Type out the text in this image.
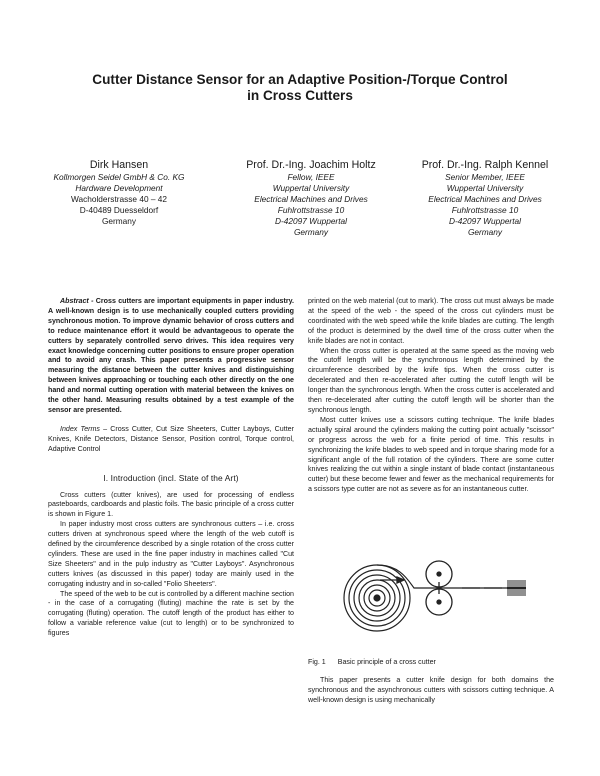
Cutter Distance Sensor for an Adaptive Position-/Torque Control
in Cross Cutters
Dirk Hansen
Kollmorgen Seidel GmbH & Co. KG
Hardware Development
Wacholderstrasse 40 – 42
D-40489 Duesseldorf
Germany
Prof. Dr.-Ing. Joachim Holtz
Fellow, IEEE
Wuppertal University
Electrical Machines and Drives
Fuhlrottstrasse 10
D-42097 Wuppertal
Germany
Prof. Dr.-Ing. Ralph Kennel
Senior Member, IEEE
Wuppertal University
Electrical Machines and Drives
Fuhlrottstrasse 10
D-42097 Wuppertal
Germany

Abstract - Cross cutters are important equipments in paper industry. A well-known design is to use mechanically coupled cutters providing synchronous motion. To improve dynamic behavior of cross cutters and to reduce maintenance effort it would be advantageous to operate the cutters by separately controlled servo drives. This idea requires very exact knowledge concerning cutter positions to ensure proper operation and to avoid any crash. This paper presents a progressive sensor measuring the distance between the cutter knives and distinguishing between knives approaching or touching each other directly on the one hand and normal cutting operation with material between the knives on the other hand. Measuring results obtained by a test example of the sensor are presented.

Index Terms – Cross Cutter, Cut Size Sheeters, Cutter Layboys, Cutter Knives, Knife Detectors, Distance Sensor, Position control, Torque control, Adaptive Control

I. Introduction (incl. State of the Art)

Cross cutters (cutter knives), are used for processing of endless pasteboards, cardboards and plastic foils. The basic principle of a cross cutter is shown in Figure 1.

In paper industry most cross cutters are synchronous cutters – i.e. cross cutters driven at synchronous speed where the length of the web cutoff is defined by the circumference described by a single rotation of the cross cutter cylinders. These are used in the fine paper industry in machines called "Cut Size Sheeters" and in the pulp industry as "Cutter Layboys". Asynchronous cutters knives (as discussed in this paper) today are mainly used in the corrugating industry and in so-called "Folio Sheeters".

The speed of the web to be cut is controlled by a different machine section - in the case of a corrugating (fluting) machine the rate is set by the corrugating (fluting) operation. The cutoff length of the product has either to follow a variable reference value (cut to length) or to be synchronized to figures

printed on the web material (cut to mark). The cross cut must always be made at the speed of the web - the speed of the cross cut cylinders must be coordinated with the web speed while the knife blades are cutting. The length of the product is determined by the dwell time of the cross cutter when the knife blades are not in contact.

When the cross cutter is operated at the same speed as the moving web the cutoff length will be the synchronous length determined by the circumference described by the knife tips. When the cross cutter is decelerated and then re-accelerated after cutting the cutoff length will be longer than the synchronous length. When the cross cutter is accelerated and then re-decelerated after cutting the cutoff length will be shorter than the synchronous length.

Most cutter knives use a scissors cutting technique. The knife blades actually spiral around the cylinders making the cutting point actually "scissor" or progress across the web for a finite period of time. This results in synchronizing the knife blades to web speed and in torque sharing mode for a significant angle of the full rotation of the cylinders. There are some cutter knives realizing the cut within a single instant of blade contact (instantaneous cutter) but these become fewer and fewer as the mechanical requirements for a scissors type cutter are not as severe as for an instantaneous cutter.

Fig. 1 Basic principle of a cross cutter

This paper presents a cutter knife design for both domains the synchronous and the asynchronous cutters with scissors cutting technique. A well-known design is using mechanically
